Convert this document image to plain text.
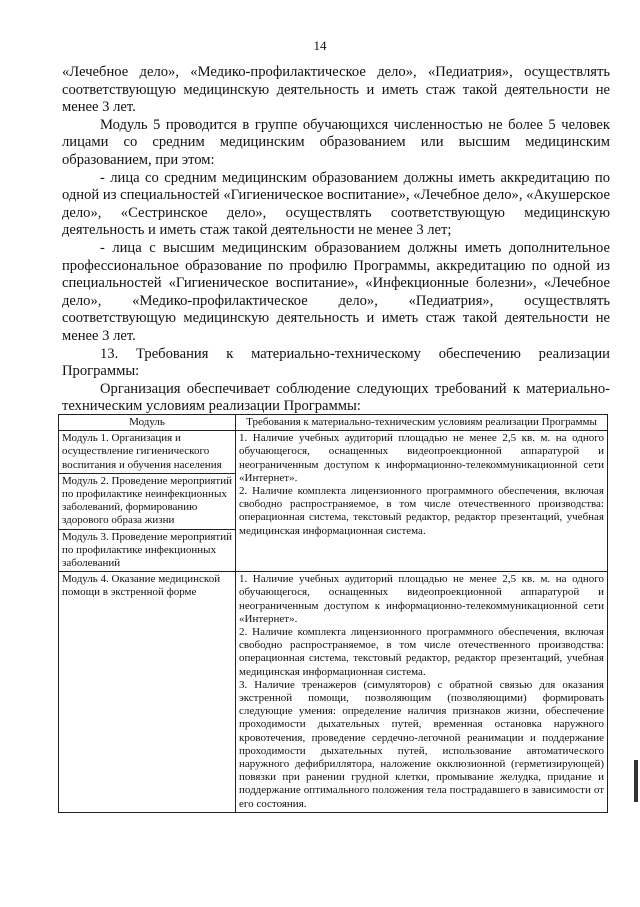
14

«Лечебное дело», «Медико-профилактическое дело», «Педиатрия», осуществлять соответствующую медицинскую деятельность и иметь стаж такой деятельности не менее 3 лет.

Модуль 5 проводится в группе обучающихся численностью не более 5 человек лицами со средним медицинским образованием или высшим медицинским образованием, при этом:

- лица со средним медицинским образованием должны иметь аккредитацию по одной из специальностей «Гигиеническое воспитание», «Лечебное дело», «Акушерское дело», «Сестринское дело», осуществлять соответствующую медицинскую деятельность и иметь стаж такой деятельности не менее 3 лет;

- лица с высшим медицинским образованием должны иметь дополнительное профессиональное образование по профилю Программы, аккредитацию по одной из специальностей «Гигиеническое воспитание», «Инфекционные болезни», «Лечебное дело», «Медико-профилактическое дело», «Педиатрия», осуществлять соответствующую медицинскую деятельность и иметь стаж такой деятельности не менее 3 лет.

13. Требования к материально-техническому обеспечению реализации Программы:

Организация обеспечивает соблюдение следующих требований к материально-техническим условиям реализации Программы:

Модуль	Требования к материально-техническим условиям реализации Программы
Модуль 1. Организация и осуществление гигиенического воспитания и обучения населения	1. Наличие учебных аудиторий площадью не менее 2,5 кв. м. на одного обучающегося, оснащенных видеопроекционной аппаратурой и неограниченным доступом к информационно-телекоммуникационной сети «Интернет».
2. Наличие комплекта лицензионного программного обеспечения, включая свободно распространяемое, в том числе отечественного производства: операционная система, текстовый редактор, редактор презентаций, учебная медицинская информационная система.

Модуль 2. Проведение мероприятий по профилактике неинфекционных заболеваний, формированию здорового образа жизни	
Модуль 3. Проведение мероприятий по профилактике инфекционных заболеваний	
Модуль 4. Оказание медицинской помощи в экстренной форме	1. Наличие учебных аудиторий площадью не менее 2,5 кв. м. на одного обучающегося, оснащенных видеопроекционной аппаратурой и неограниченным доступом к информационно-телекоммуникационной сети «Интернет».
2. Наличие комплекта лицензионного программного обеспечения, включая свободно распространяемое, в том числе отечественного производства: операционная система, текстовый редактор, редактор презентаций, учебная медицинская информационная система.
3. Наличие тренажеров (симуляторов) с обратной связью для оказания экстренной помощи, позволяющим (позволяющими) формировать следующие умения: определение наличия признаков жизни, обеспечение проходимости дыхательных путей, временная остановка наружного кровотечения, проведение сердечно-легочной реанимации и поддержание проходимости дыхательных путей, использование автоматического наружного дефибриллятора, наложение окклюзионной (герметизирующей) повязки при ранении грудной клетки, промывание желудка, придание и поддержание оптимального положения тела пострадавшего в зависимости от его состояния.
